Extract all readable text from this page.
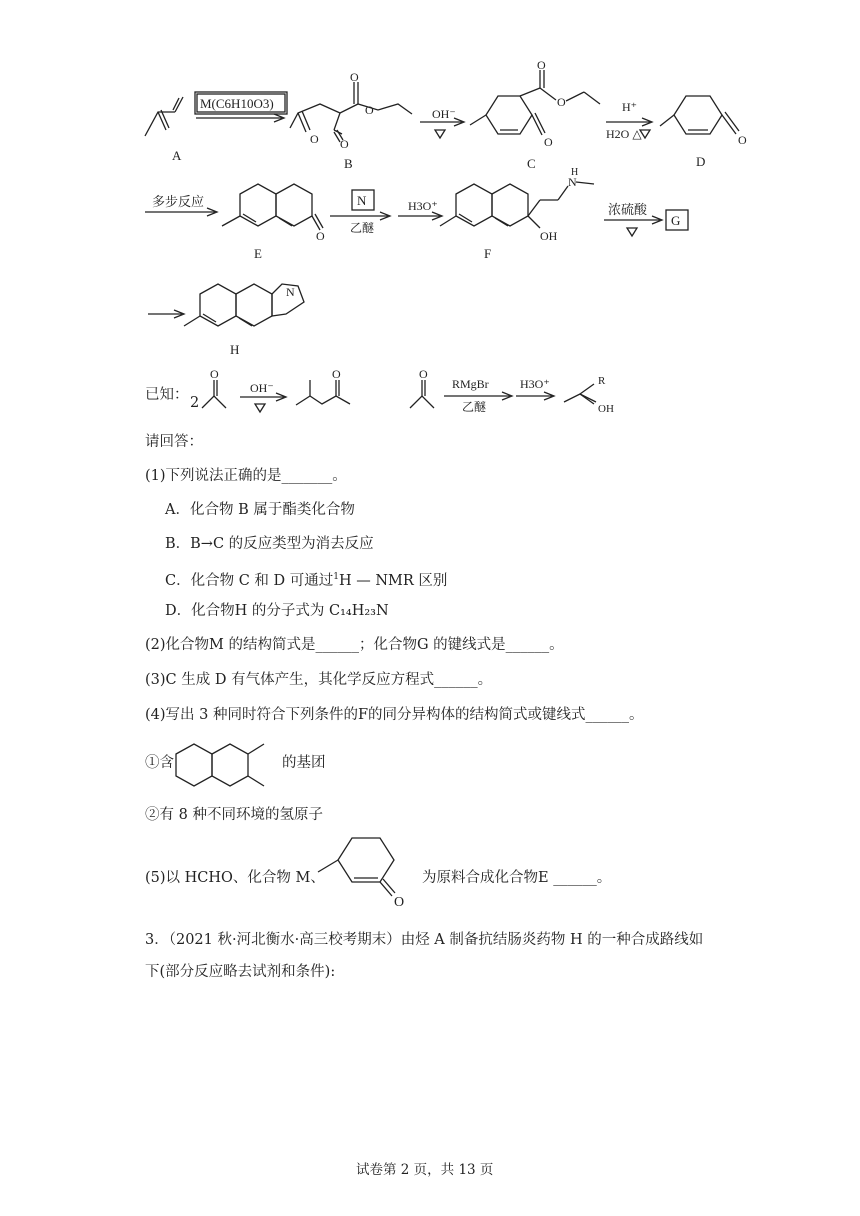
M(C6H10O3)
OH⁻	H⁺
H2O △
多步反应	N
乙醚
H3O⁺	浓硫酸
G
O
O
O O
O
O
O	O
O	OH
N
H
N
A
B	C	D
E	F
H
O	O	O
OH⁻	RMgBr
乙醚
H3O⁺	R
OH
已知： 2
请回答：
(1)下列说法正确的是_______。
A．化合物 B 属于酯类化合物
B．B→C 的反应类型为消去反应
C．化合物 C 和 D 可通过$^1$H — NMR 区别
D．化合物H 的分子式为 C₁₄H₂₃N
(2)化合物M 的结构简式是______；化合物G 的键线式是______。
(3)C 生成 D 有气体产生，其化学反应方程式______。
(4)写出 3 种同时符合下列条件的F的同分异构体的结构简式或键线式______。
①含	的基团
②有 8 种不同环境的氢原子
(5)以 HCHO、化合物 M、
O
为原料合成化合物E ______。
3．（2021 秋·河北衡水·高三校考期末）由烃 A 制备抗结肠炎药物 H 的一种合成路线如
下(部分反应略去试剂和条件):
试卷第 2 页，共 13 页
